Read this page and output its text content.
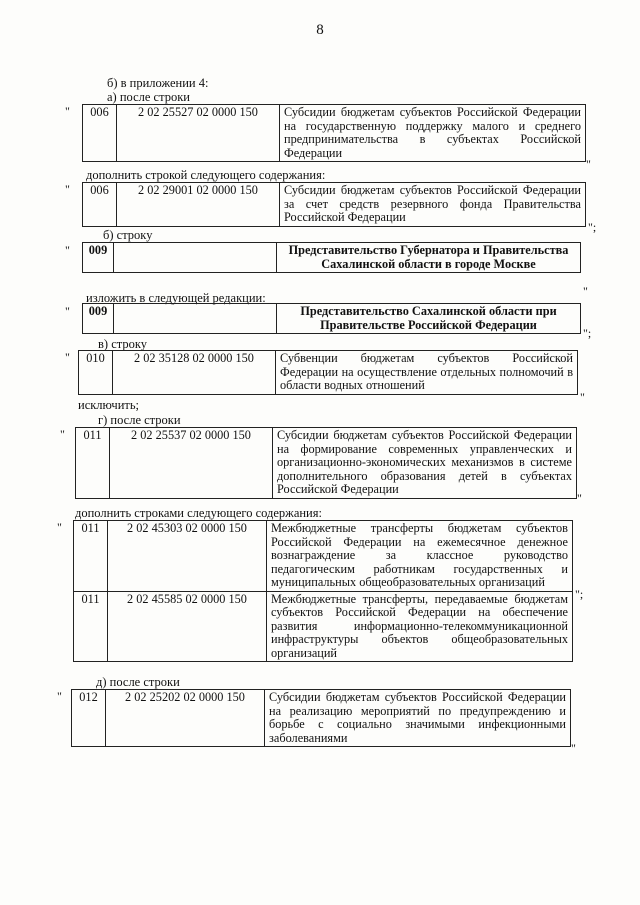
8
б) в приложении 4:
а) после строки
" 006	2 02 25527 02 0000 150	Субсидии бюджетам субъектов Российской Федерации на государственную поддержку малого и среднего предпринимательства в субъектах Российской Федерации
"
дополнить строкой следующего содержания:
" 006	2 02 29001 02 0000 150	Субсидии бюджетам субъектов Российской Федерации за счет средств резервного фонда Правительства Российской Федерации
";
б) строку
" 009		Представительство Губернатора и Правительства Сахалинской области в городе Москве
"
изложить в следующей редакции:
" 009		Представительство Сахалинской области при Правительстве Российской Федерации
";
в) строку
" 010	2 02 35128 02 0000 150	Субвенции бюджетам субъектов Российской Федерации на осуществление отдельных полномочий в области водных отношений
"
исключить;
г) после строки
" 011	2 02 25537 02 0000 150	Субсидии бюджетам субъектов Российской Федерации на формирование современных управленческих и организационно-экономических механизмов в системе дополнительного образования детей в субъектах Российской Федерации
"
дополнить строками следующего содержания:
" 011	2 02 45303 02 0000 150	Межбюджетные трансферты бюджетам субъектов Российской Федерации на ежемесячное денежное вознаграждение за классное руководство педагогическим работникам государственных и муниципальных общеобразовательных организаций
011	2 02 45585 02 0000 150	Межбюджетные трансферты, передаваемые бюджетам субъектов Российской Федерации на обеспечение развития информационно-телекоммуникационной инфраструктуры объектов общеобразовательных организаций
";
д) после строки
" 012	2 02 25202 02 0000 150	Субсидии бюджетам субъектов Российской Федерации на реализацию мероприятий по предупреждению и борьбе с социально значимыми инфекционными заболеваниями
"
